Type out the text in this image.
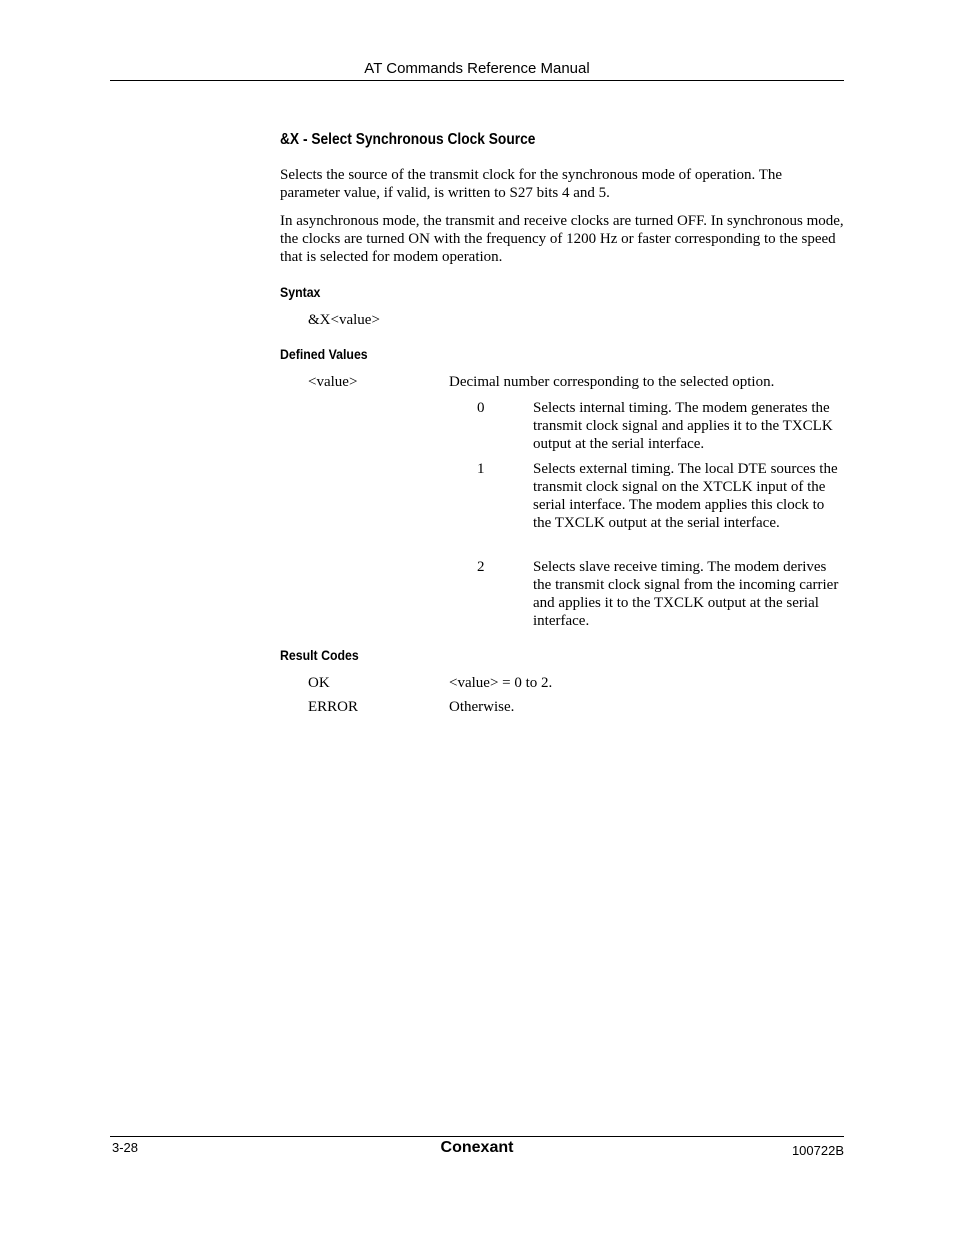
AT Commands Reference Manual
&X - Select Synchronous Clock Source

Selects the source of the transmit clock for the synchronous mode of operation. The parameter value, if valid, is written to S27 bits 4 and 5.

In asynchronous mode, the transmit and receive clocks are turned OFF. In synchronous mode, the clocks are turned ON with the frequency of 1200 Hz or faster corresponding to the speed that is selected for modem operation.

Syntax
&X<value>
Defined Values
<value>	Decimal number corresponding to the selected option.
0	Selects internal timing. The modem generates the transmit clock signal and applies it to the TXCLK output at the serial interface.
1	Selects external timing. The local DTE sources the transmit clock signal on the XTCLK input of the serial interface. The modem applies this clock to the TXCLK output at the serial interface.
2	Selects slave receive timing. The modem derives the transmit clock signal from the incoming carrier and applies it to the TXCLK output at the serial interface.
Result Codes
OK	<value> = 0 to 2.
ERROR	Otherwise.
3-28	Conexant	100722B
